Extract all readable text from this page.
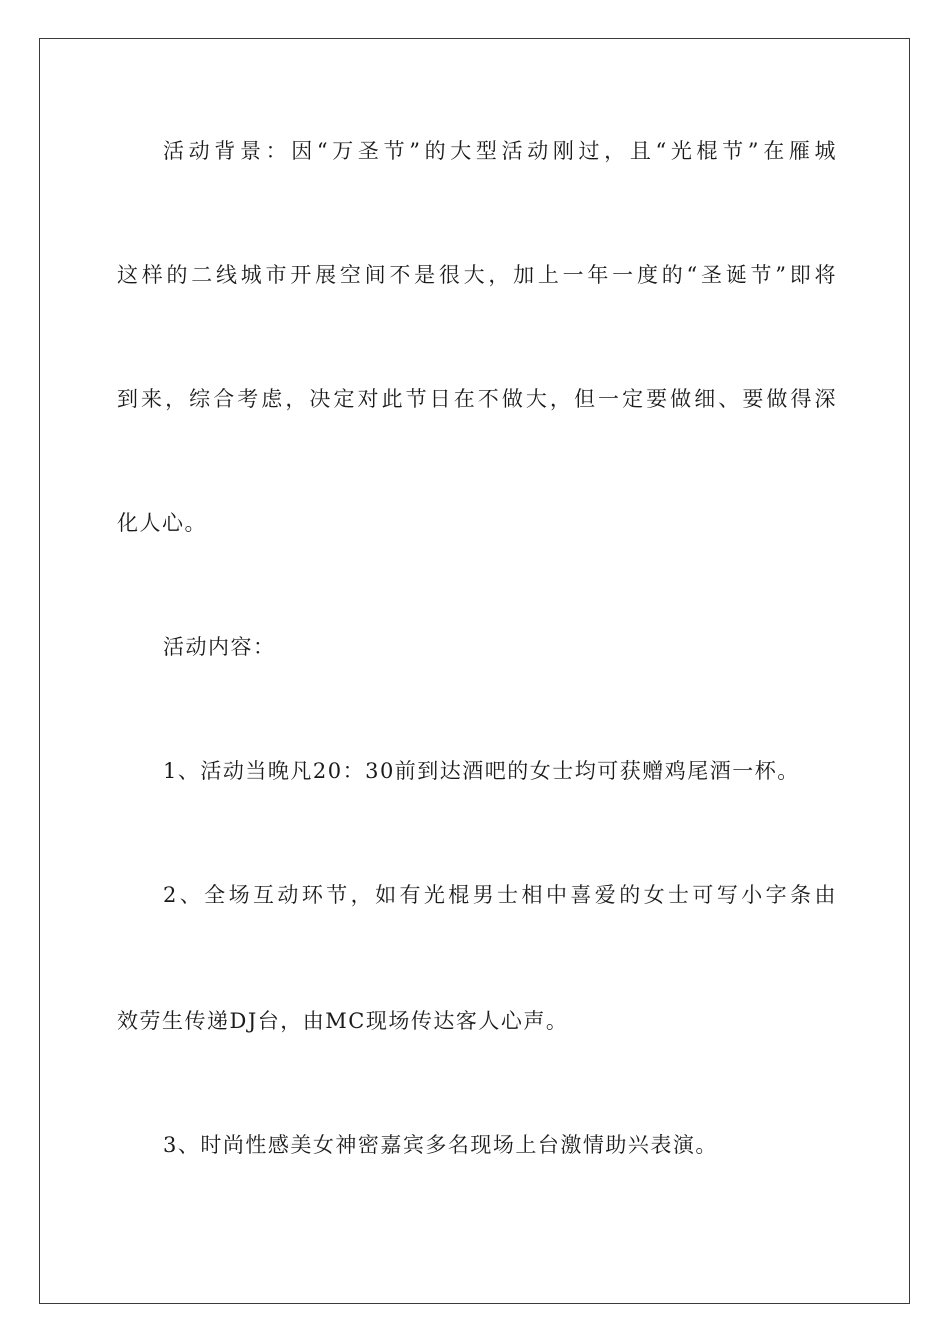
活动背景：因“万圣节”的大型活动刚过，且“光棍节”在雁城
这样的二线城市开展空间不是很大，加上一年一度的“圣诞节”即将
到来，综合考虑，决定对此节日在不做大，但一定要做细、要做得深
化人心。
活动内容：
1、活动当晚凡20：30前到达酒吧的女士均可获赠鸡尾酒一杯。
2、全场互动环节，如有光棍男士相中喜爱的女士可写小字条由
效劳生传递DJ台，由MC现场传达客人心声。
3、时尚性感美女神密嘉宾多名现场上台激情助兴表演。
